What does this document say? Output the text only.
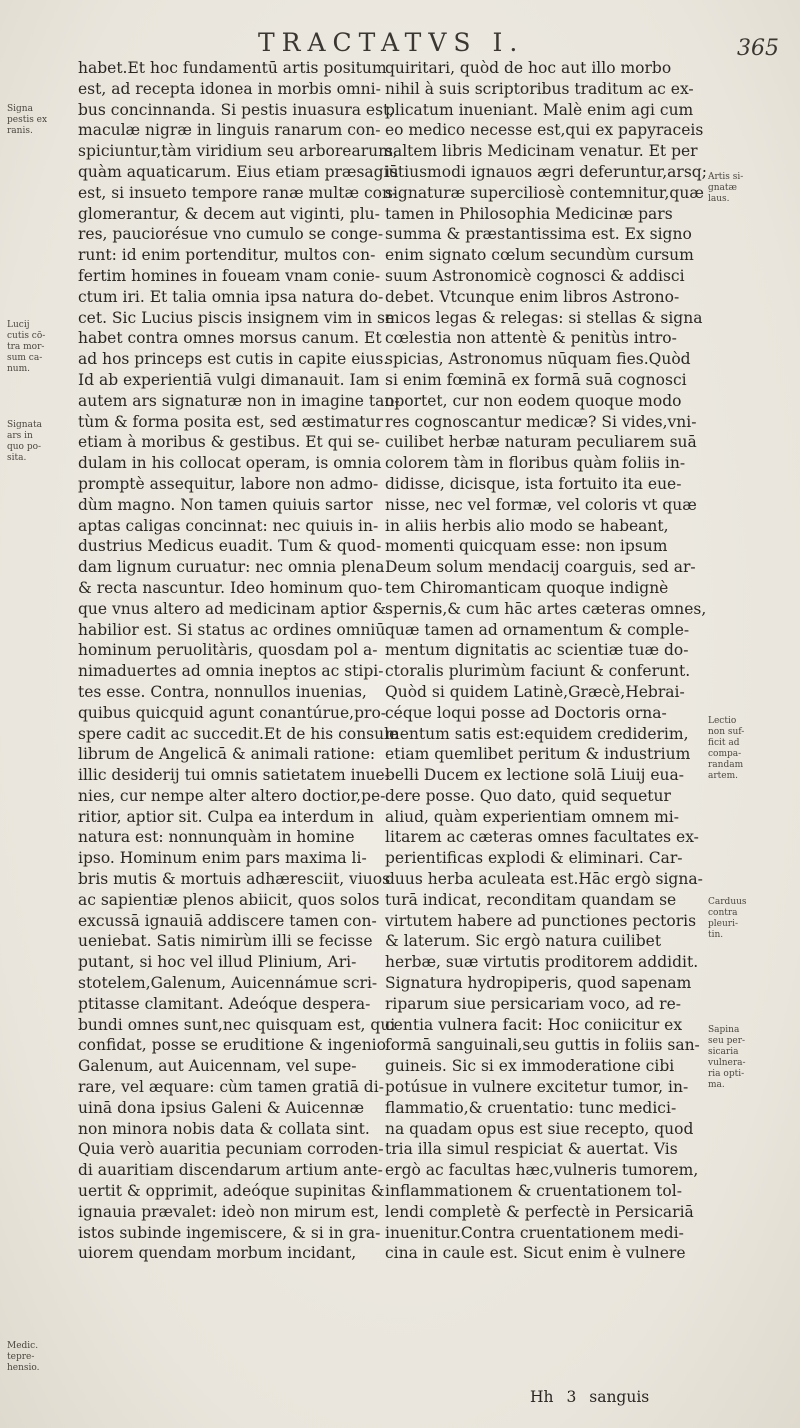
TRACTATVS I.	365
habet.Et hoc fundamentū artis positum
est, ad recepta idonea in morbis omni-
bus concinnanda. Si pestis inuasura est,
maculæ nigræ in linguis ranarum con-
spiciuntur,tàm viridium seu arborearum,
quàm aquaticarum. Eius etiam præsagiū
est, si insueto tempore ranæ multæ con-
glomerantur, & decem aut viginti, plu-
res, pauciorésue vno cumulo se conge-
runt: id enim portenditur, multos con-
fertim homines in foueam vnam conie-
ctum iri. Et talia omnia ipsa natura do-
cet. Sic Lucius piscis insignem vim in se
habet contra omnes morsus canum. Et
ad hos princeps est cutis in capite eius.
Id ab experientiā vulgi dimanauit. Iam
autem ars signaturæ non in imagine tan-
tùm & forma posita est, sed æstimatur
etiam à moribus & gestibus. Et qui se-
dulam in his collocat operam, is omnia
promptè assequitur, labore non admo-
dùm magno. Non tamen quiuis sartor
aptas caligas concinnat: nec quiuis in-
dustrius Medicus euadit. Tum & quod-
dam lignum curuatur: nec omnia plena
& recta nascuntur. Ideo hominum quo-
que vnus altero ad medicinam aptior &
habilior est. Si status ac ordines omniū
hominum peruolitàris, quosdam pol a-
nimaduertes ad omnia ineptos ac stipi-
tes esse. Contra, nonnullos inuenias,
quibus quicquid agunt conantúrue,pro-
spere cadit ac succedit.Et de his consule
librum de Angelicā & animali ratione:
illic desiderij tui omnis satietatem inue-
nies, cur nempe alter altero doctior,pe-
ritior, aptior sit. Culpa ea interdum in
natura est: nonnunquàm in homine
ipso. Hominum enim pars maxima li-
bris mutis & mortuis adhæresciit, viuos
ac sapientiæ plenos abiicit, quos solos
excussā ignauiā addiscere tamen con-
ueniebat. Satis nimirùm illi se fecisse
putant, si hoc vel illud Plinium, Ari-
stotelem,Galenum, Auicennámue scri-
ptitasse clamitant. Adeóque despera-
bundi omnes sunt,nec quisquam est, qui
confidat, posse se eruditione & ingenio
Galenum, aut Auicennam, vel supe-
rare, vel æquare: cùm tamen gratiā di-
uinā dona ipsius Galeni & Auicennæ
non minora nobis data & collata sint.
Quia verò auaritia pecuniam corroden-
di auaritiam discendarum artium ante-
uertit & opprimit, adeóque supinitas &
ignauia prævalet: ideò non mirum est,
istos subinde ingemiscere, & si in gra-
uiorem quendam morbum incidant,
quiritari, quòd de hoc aut illo morbo
nihil à suis scriptoribus traditum ac ex-
plicatum inueniant. Malè enim agi cum
eo medico necesse est,qui ex papyraceis
saltem libris Medicinam venatur. Et per
istiusmodi ignauos ægri deferuntur,arsq;
signaturæ superciliosè contemnitur,quæ
tamen in Philosophia Medicinæ pars
summa & præstantissima est. Ex signo
enim signato cœlum secundùm cursum
suum Astronomicè cognosci & addisci
debet. Vtcunque enim libros Astrono-
micos legas & relegas: si stellas & signa
cœlestia non attentè & penitùs intro-
spicias, Astronomus nūquam fies.Quòd
si enim fœminā ex formā suā cognosci
oportet, cur non eodem quoque modo
res cognoscantur medicæ? Si vides,vni-
cuilibet herbæ naturam peculiarem suā
colorem tàm in floribus quàm foliis in-
didisse, dicisque, ista fortuito ita eue-
nisse, nec vel formæ, vel coloris vt quæ
in aliis herbis alio modo se habeant,
momenti quicquam esse: non ipsum
Deum solum mendacij coarguis, sed ar-
tem Chiromanticam quoque indignè
spernis,& cum hāc artes cæteras omnes,
quæ tamen ad ornamentum & comple-
mentum dignitatis ac scientiæ tuæ do-
ctoralis plurimùm faciunt & conferunt.
Quòd si quidem Latinè,Græcè,Hebrai-
céque loqui posse ad Doctoris orna-
mentum satis est:equidem crediderim,
etiam quemlibet peritum & industrium
belli Ducem ex lectione solā Liuij eua-
dere posse. Quo dato, quid sequetur
aliud, quàm experientiam omnem mi-
litarem ac cæteras omnes facultates ex-
perientificas explodi & eliminari. Car-
duus herba aculeata est.Hāc ergò signa-
turā indicat, reconditam quandam se
virtutem habere ad punctiones pectoris
& laterum. Sic ergò natura cuilibet
herbæ, suæ virtutis proditorem addidit.
Signatura hydropiperis, quod sapenam
riparum siue persicariam voco, ad re-
centia vulnera facit: Hoc coniicitur ex
formā sanguinali,seu guttis in foliis san-
guineis. Sic si ex immoderatione cibi
potúsue in vulnere excitetur tumor, in-
flammatio,& cruentatio: tunc medici-
na quadam opus est siue recepto, quod
tria illa simul respiciat & auertat. Vis
ergò ac facultas hæc,vulneris tumorem,
inflammationem & cruentationem tol-
lendi completè & perfectè in Persicariā
inuenitur.Contra cruentationem medi-
cina in caule est. Sicut enim è vulnere
Signa
pestis ex
ranis.
Lucij
cutis cō-
tra mor-
sum ca-
num.
Signata
ars in
quo po-
sita.
Medic.
tepre-
hensio.
Artis si-
gnatæ
laus.
Lectio
non suf-
ficit ad
compa-
randam
artem.
Carduus
contra
pleuri-
tin.
Sapina
seu per-
sicaria
vulnera-
ria opti-
ma.
Hh 3 sanguis
